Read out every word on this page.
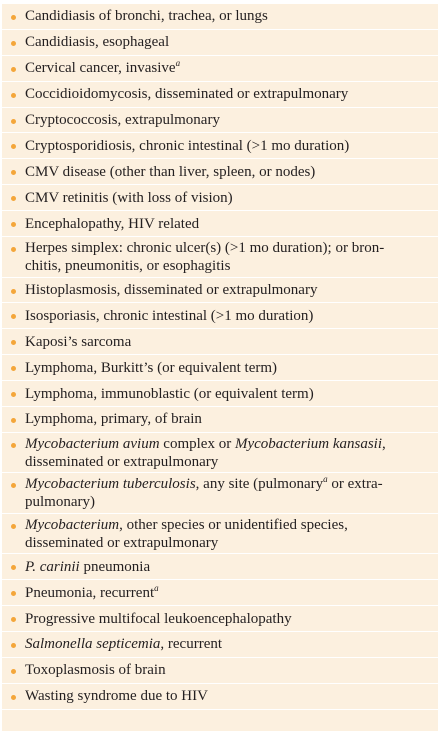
Candidiasis of bronchi, trachea, or lungs
Candidiasis, esophageal
Cervical cancer, invasive$^a$
Coccidioidomycosis, disseminated or extrapulmonary
Cryptococcosis, extrapulmonary
Cryptosporidiosis, chronic intestinal (>1 mo duration)
CMV disease (other than liver, spleen, or nodes)
CMV retinitis (with loss of vision)
Encephalopathy, HIV related
Herpes simplex: chronic ulcer(s) (>1 mo duration); or bron-
chitis, pneumonitis, or esophagitis
Histoplasmosis, disseminated or extrapulmonary
Isosporiasis, chronic intestinal (>1 mo duration)
Kaposi’s sarcoma
Lymphoma, Burkitt’s (or equivalent term)
Lymphoma, immunoblastic (or equivalent term)
Lymphoma, primary, of brain
Mycobacterium avium complex or Mycobacterium kansasii,
disseminated or extrapulmonary
Mycobacterium tuberculosis, any site (pulmonary$^a$ or extra-
pulmonary)
Mycobacterium, other species or unidentified species,
disseminated or extrapulmonary
P. carinii pneumonia
Pneumonia, recurrent$^a$
Progressive multifocal leukoencephalopathy
Salmonella septicemia, recurrent
Toxoplasmosis of brain
Wasting syndrome due to HIV
